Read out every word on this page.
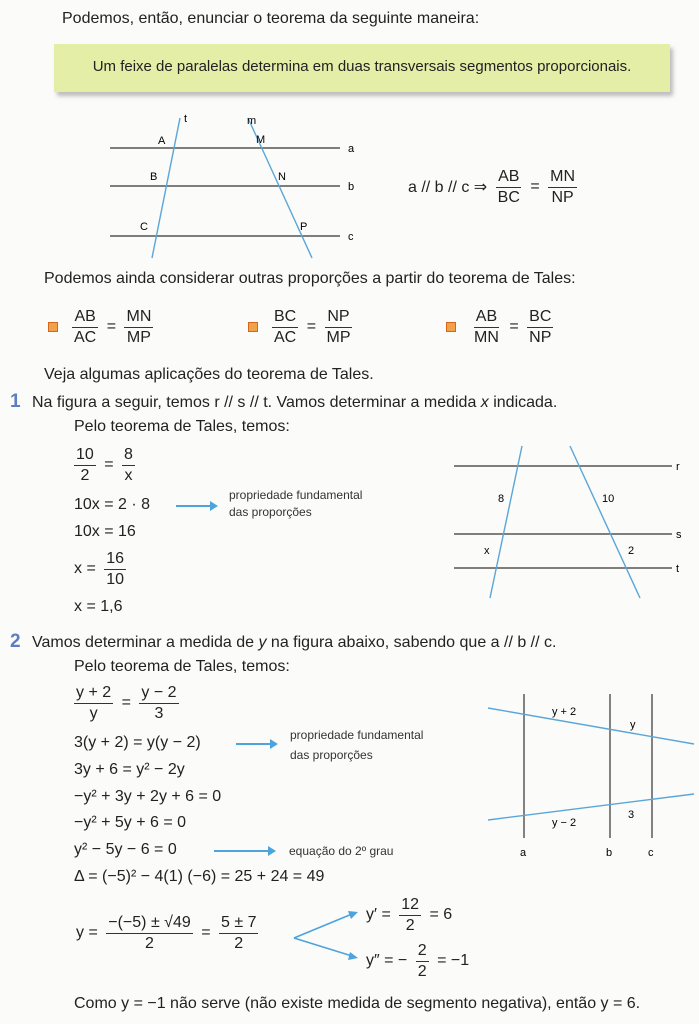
Podemos, então, enunciar o teorema da seguinte maneira:
Um feixe de paralelas determina em duas transversais segmentos proporcionais.
t	m
A	M
B	N
C	P
a
b
c
a // b // c ⇒ $\frac{AB}{BC} = \frac{MN}{NP}$
Podemos ainda considerar outras proporções a partir do teorema de Tales:
$\frac{AB}{AC} = \frac{MN}{MP}$	$\frac{BC}{AC} = \frac{NP}{MP}$	$\frac{AB}{MN} = \frac{BC}{NP}$
Veja algumas aplicações do teorema de Tales.
1 Na figura a seguir, temos r // s // t. Vamos determinar a medida x indicada.
Pelo teorema de Tales, temos:
$\frac{10}{2} = \frac{8}{x}$
10x = 2 · 8
propriedade fundamental
das proporções
10x = 16
$x = \frac{16}{10}$
x = 1,6
r
s
t
8	10
x	2
2 Vamos determinar a medida de y na figura abaixo, sabendo que a // b // c.
Pelo teorema de Tales, temos:
$\frac{y + 2}{y} = \frac{y - 2}{3}$
3(y + 2) = y(y − 2)	propriedade fundamental
das proporções
3y + 6 = y² − 2y
−y² + 3y + 2y + 6 = 0
−y² + 5y + 6 = 0
y² − 5y − 6 = 0	equação do 2º grau
Δ = (−5)² − 4(1) (−6) = 25 + 24 = 49
$y = \frac{-(-5) \pm √49}{2} = \frac{5 \pm 7}{2}$	$y' = \frac{12}{2} = 6$
y″ = − $\frac{2}{2} = -1$
Como y = −1 não serve (não existe medida de segmento negativa), então y = 6.
a	b	c
y + 2
y
y − 2
3
